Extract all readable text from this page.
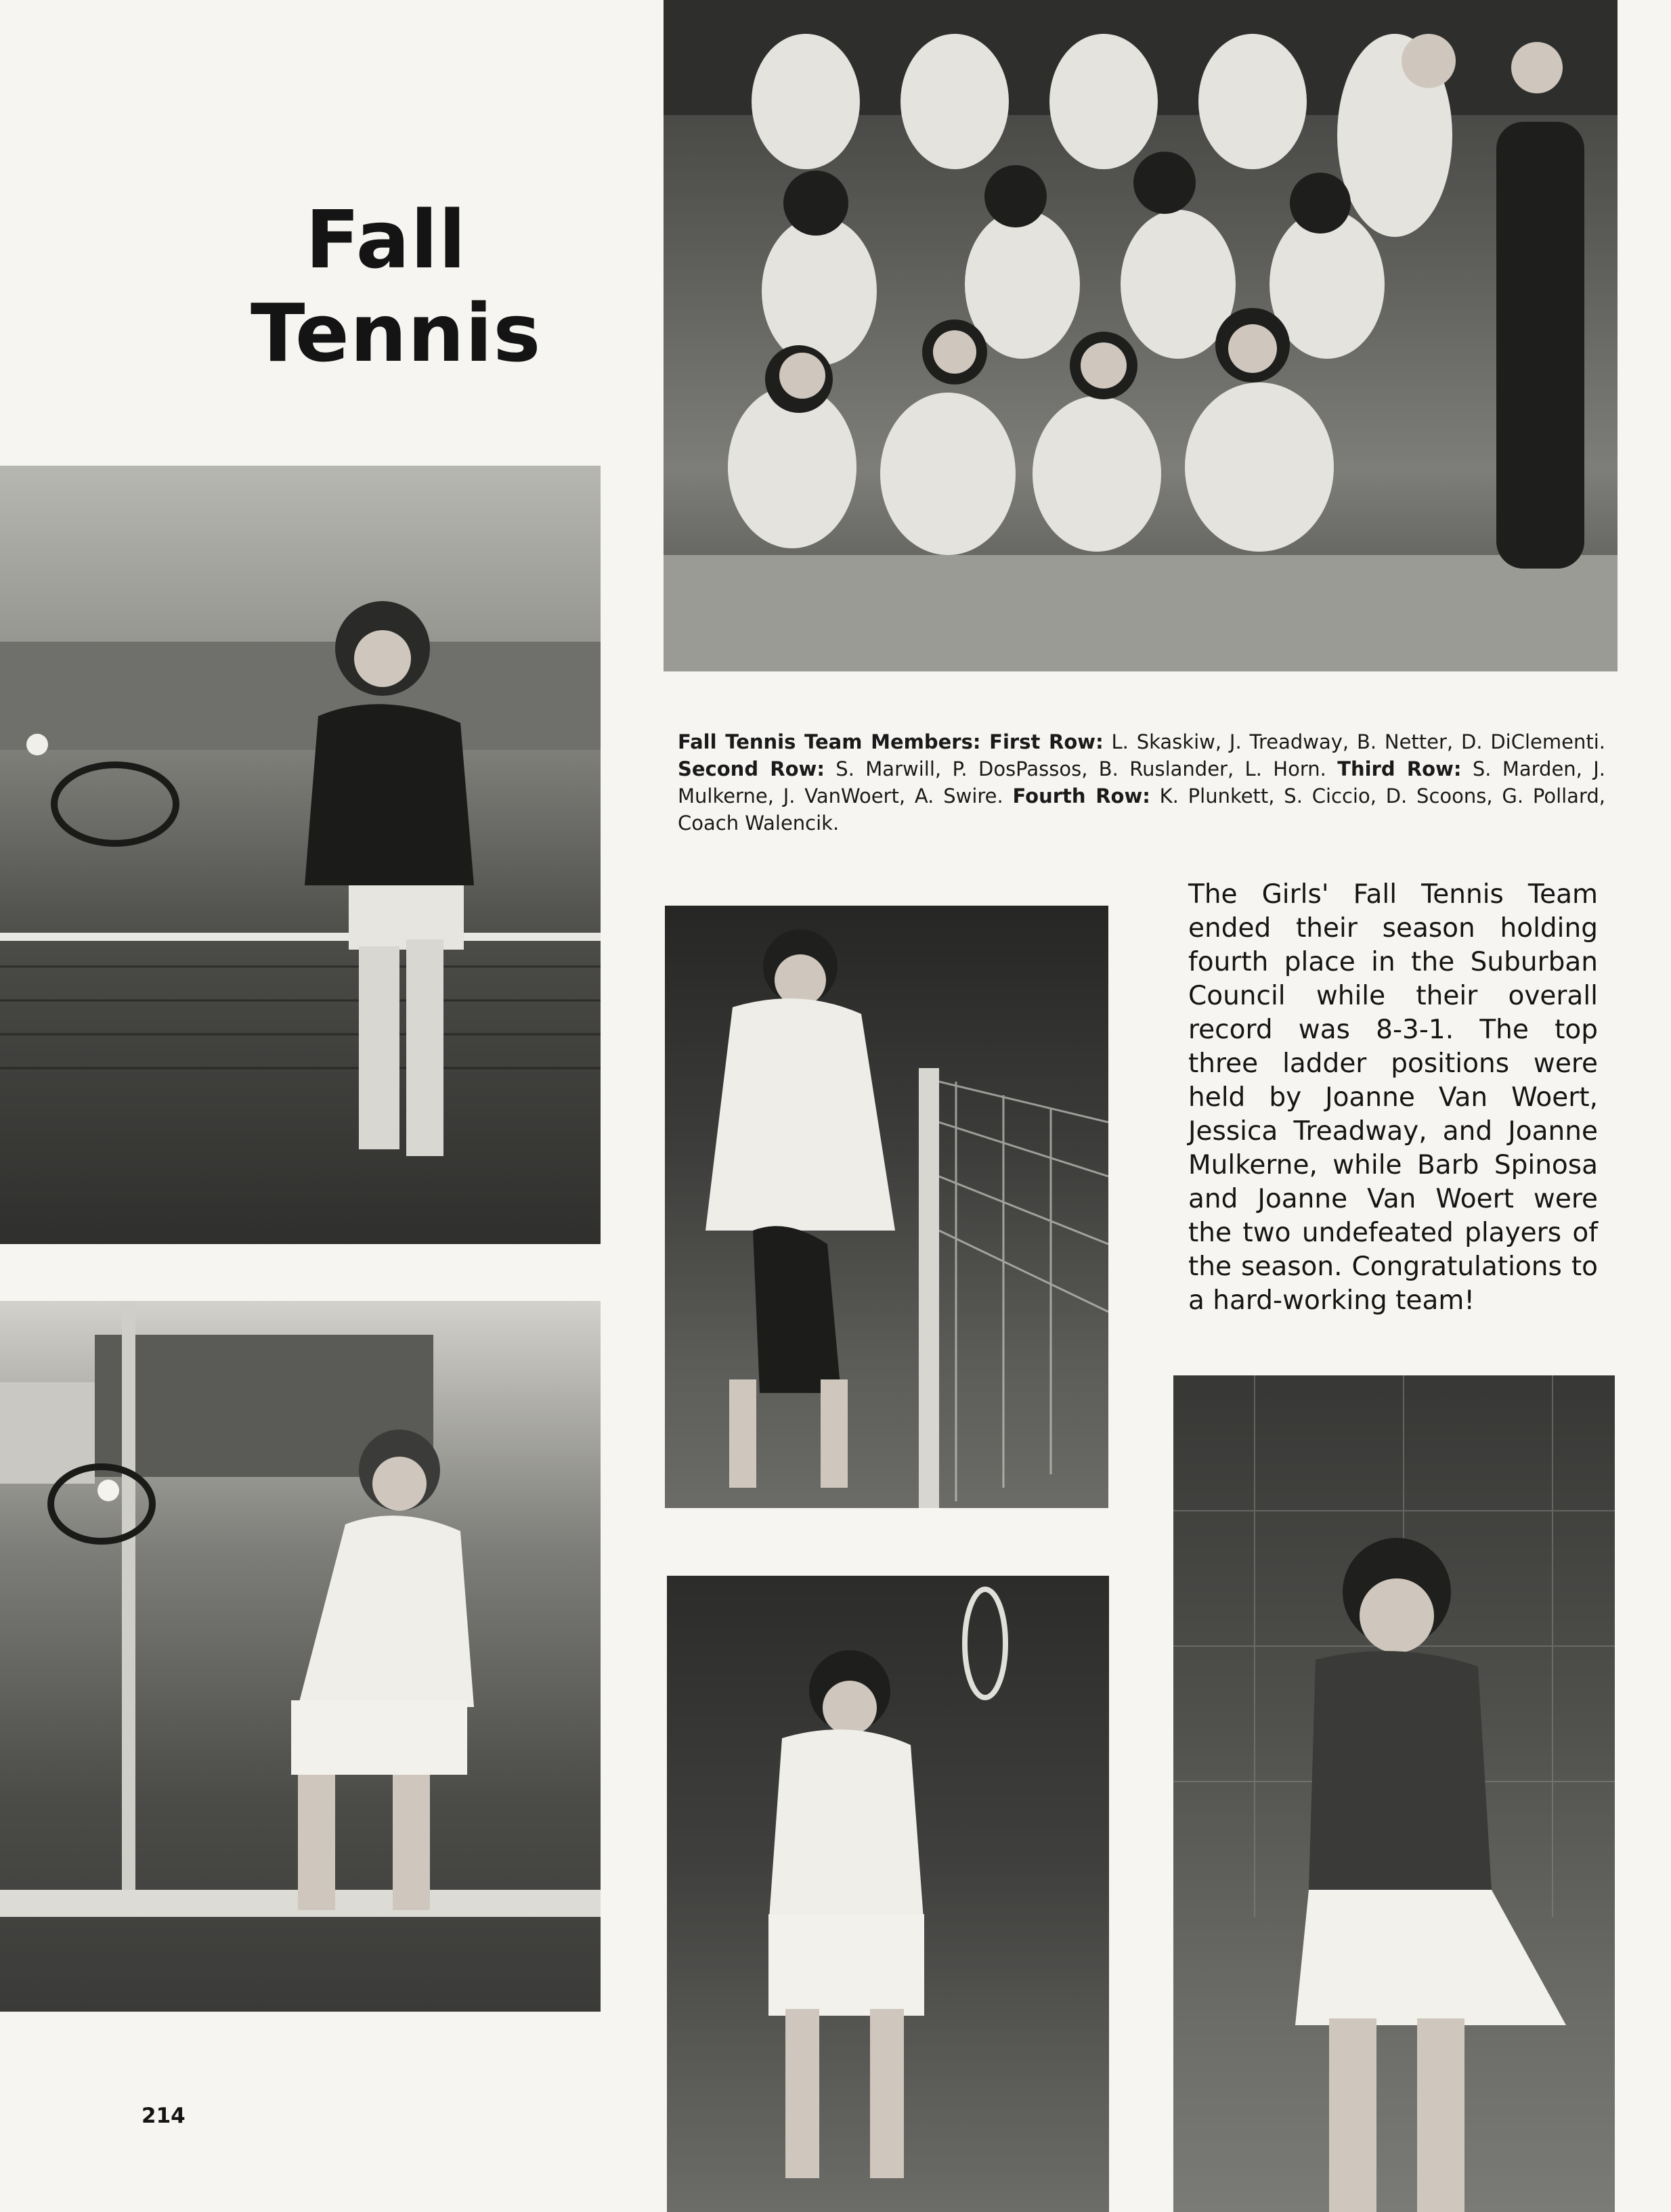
Fall
Tennis
Fall Tennis Team Members: First Row: L. Skaskiw, J. Treadway, B. Netter, D. DiClementi. Second Row: S. Marwill, P. DosPassos, B. Ruslander, L. Horn. Third Row: S. Marden, J. Mulkerne, J. VanWoert, A. Swire. Fourth Row: K. Plunkett, S. Ciccio, D. Scoons, G. Pollard, Coach Walencik.
The Girls' Fall Tennis Team ended their season holding fourth place in the Suburban Council while their overall record was 8-3-1. The top three ladder positions were held by Joanne Van Woert, Jessica Treadway, and Joanne Mulkerne, while Barb Spinosa and Joanne Van Woert were the two undefeated players of the season. Congratulations to a hard-working team!
214
